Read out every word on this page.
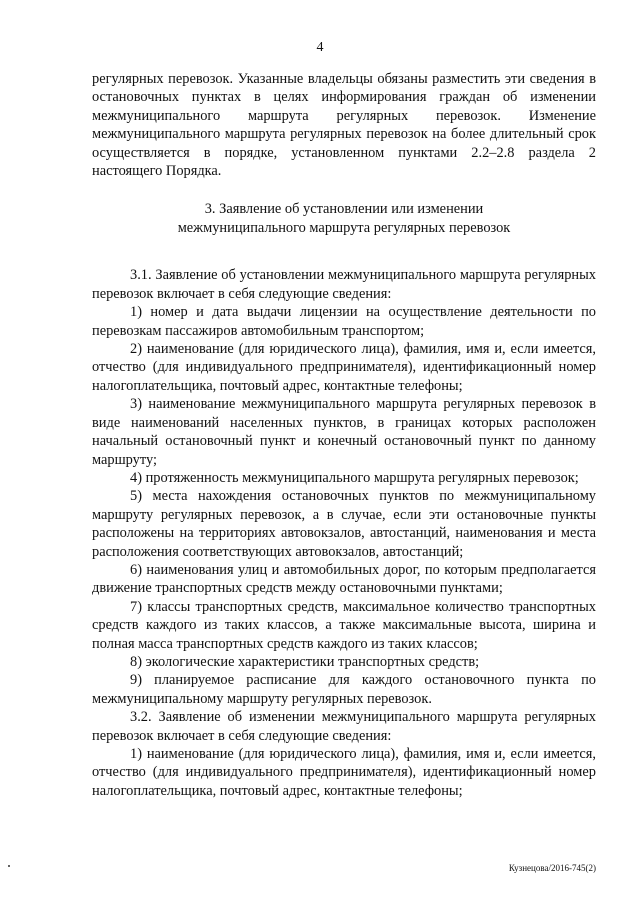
4

регулярных перевозок. Указанные владельцы обязаны разместить эти сведения в остановочных пунктах в целях информирования граждан об изменении межмуниципального маршрута регулярных перевозок. Изменение межмуниципального маршрута регулярных перевозок на более длительный срок осуществляется в порядке, установленном пунктами 2.2–2.8 раздела 2 настоящего Порядка.

3. Заявление об установлении или изменении
межмуниципального маршрута регулярных перевозок

3.1. Заявление об установлении межмуниципального маршрута регулярных перевозок включает в себя следующие сведения:

1) номер и дата выдачи лицензии на осуществление деятельности по перевозкам пассажиров автомобильным транспортом;

2) наименование (для юридического лица), фамилия, имя и, если имеется, отчество (для индивидуального предпринимателя), идентификационный номер налогоплательщика, почтовый адрес, контактные телефоны;

3) наименование межмуниципального маршрута регулярных перевозок в виде наименований населенных пунктов, в границах которых расположен начальный остановочный пункт и конечный остановочный пункт по данному маршруту;

4) протяженность межмуниципального маршрута регулярных перевозок;

5) места нахождения остановочных пунктов по межмуниципальному маршруту регулярных перевозок, а в случае, если эти остановочные пункты расположены на территориях автовокзалов, автостанций, наименования и места расположения соответствующих автовокзалов, автостанций;

6) наименования улиц и автомобильных дорог, по которым предполагается движение транспортных средств между остановочными пунктами;

7) классы транспортных средств, максимальное количество транспортных средств каждого из таких классов, а также максимальные высота, ширина и полная масса транспортных средств каждого из таких классов;

8) экологические характеристики транспортных средств;

9) планируемое расписание для каждого остановочного пункта по межмуниципальному маршруту регулярных перевозок.

3.2. Заявление об изменении межмуниципального маршрута регулярных перевозок включает в себя следующие сведения:

1) наименование (для юридического лица), фамилия, имя и, если имеется, отчество (для индивидуального предпринимателя), идентификационный номер налогоплательщика, почтовый адрес, контактные телефоны;

Кузнецова/2016-745(2)
